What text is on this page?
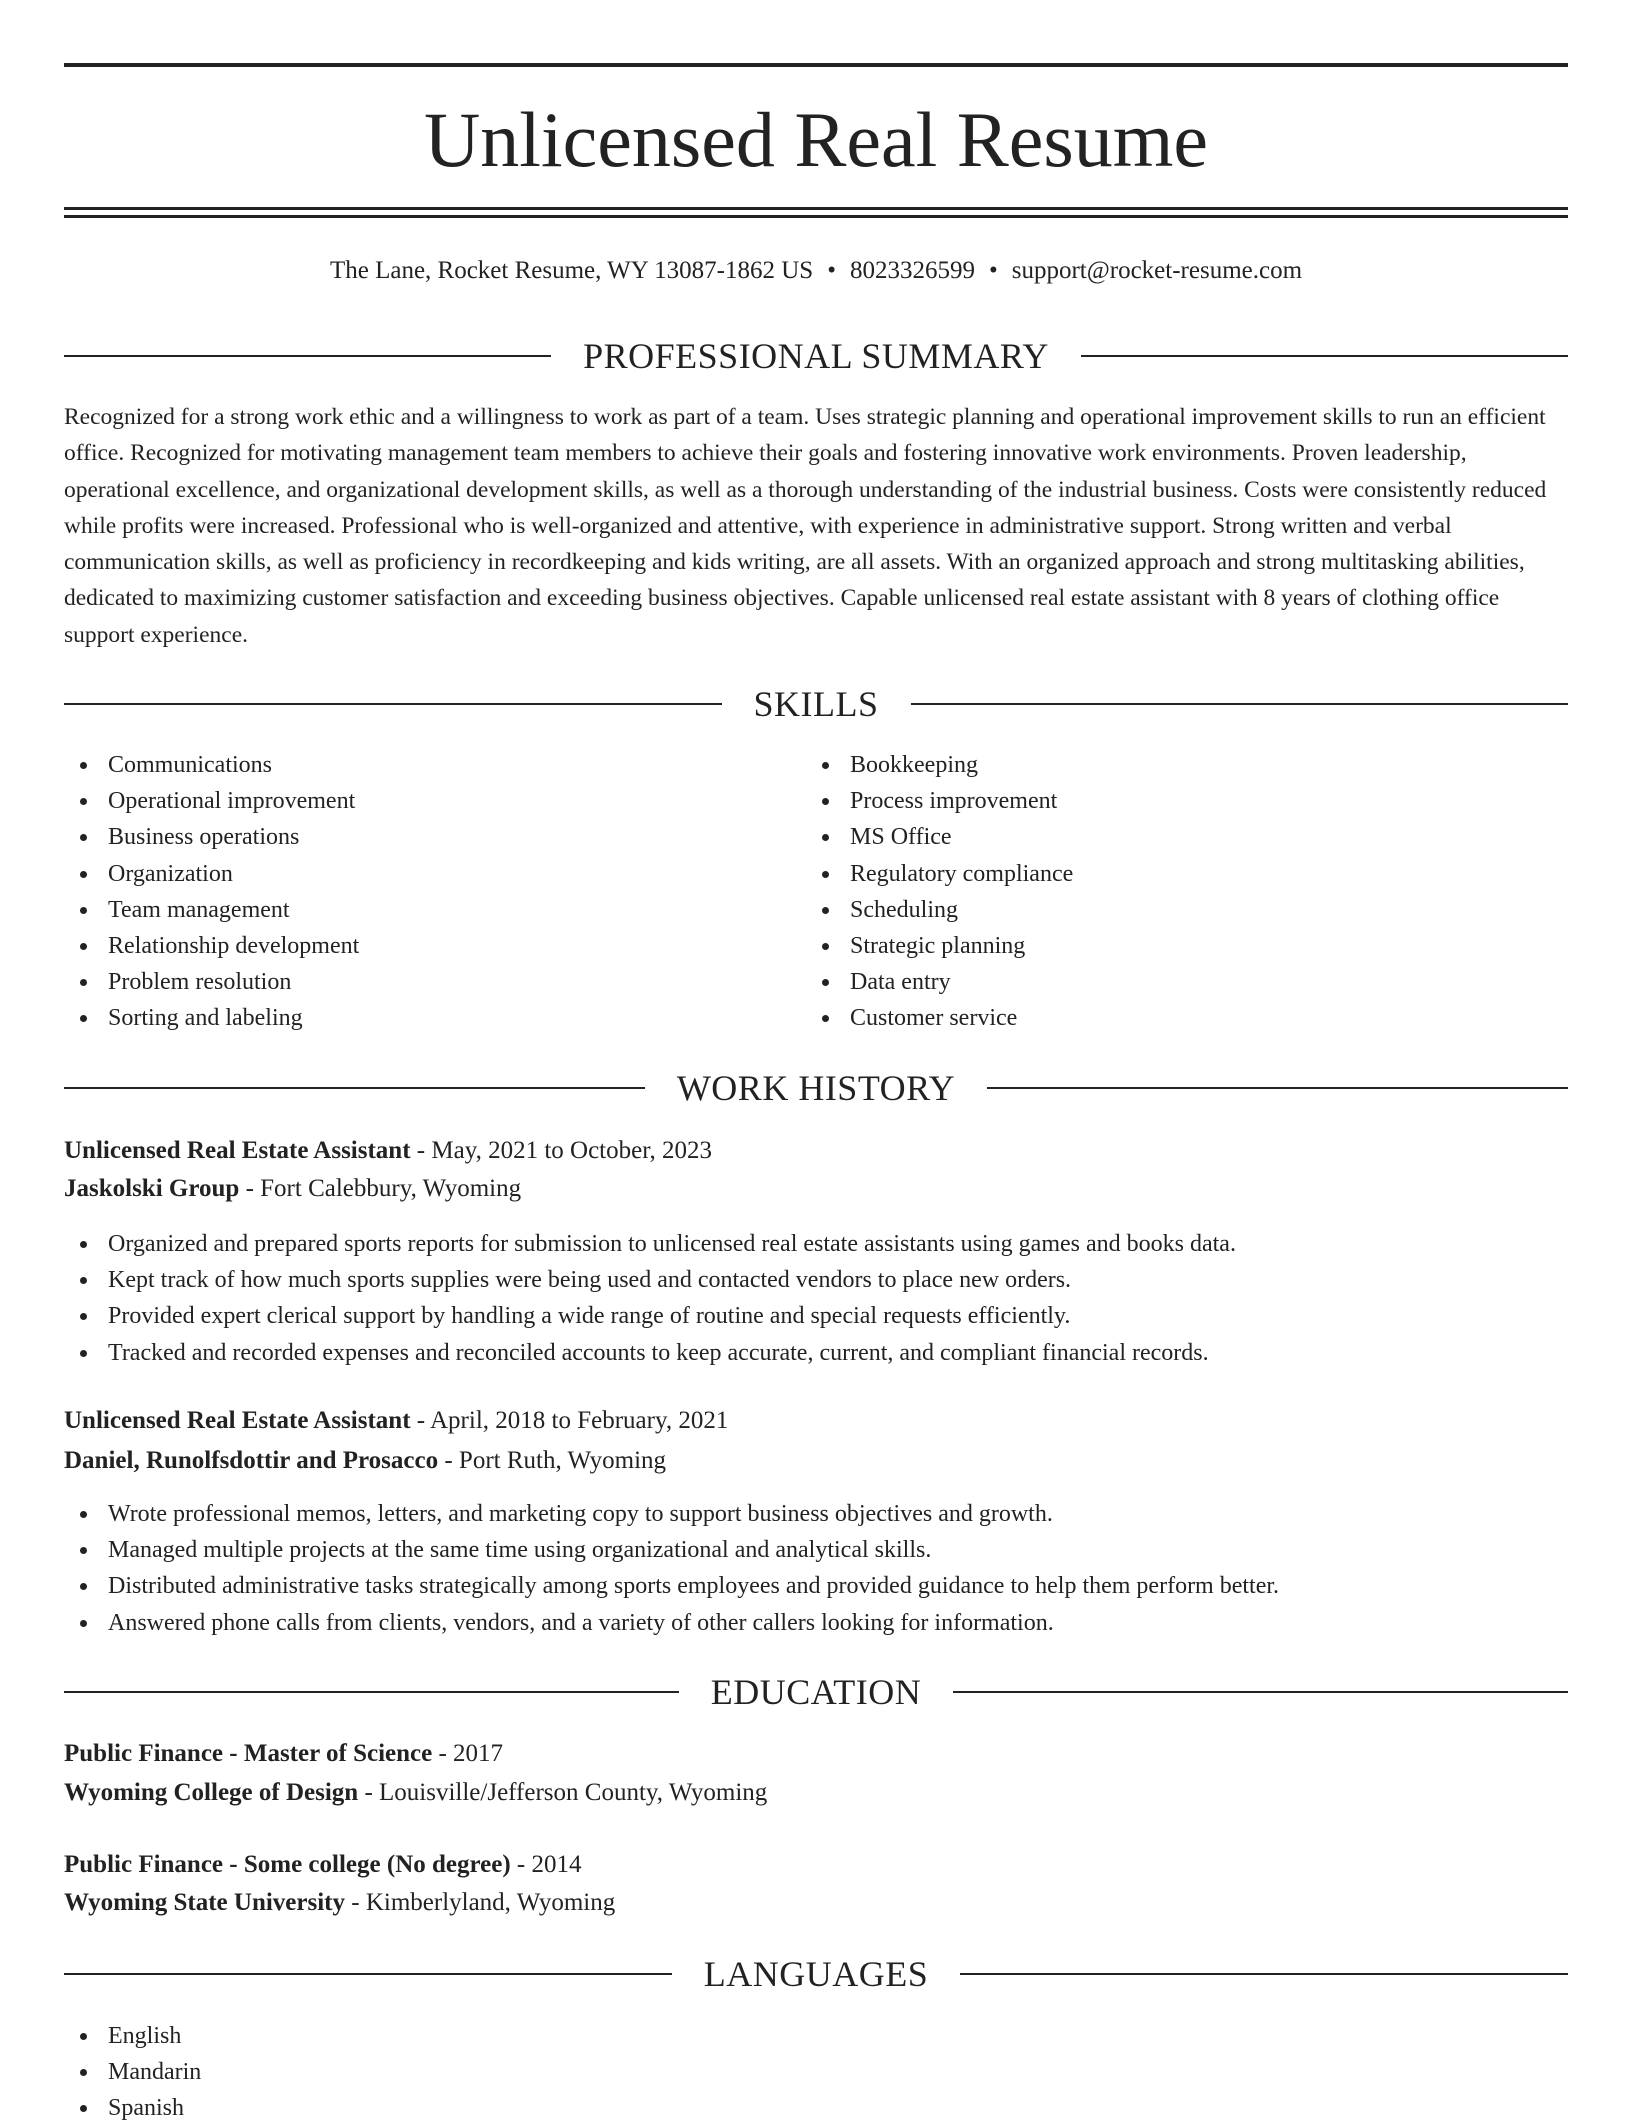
Unlicensed Real Resume
The Lane, Rocket Resume, WY 13087-1862 US • 8023326599 • support@rocket-resume.com
PROFESSIONAL SUMMARY

Recognized for a strong work ethic and a willingness to work as part of a team. Uses strategic planning and operational improvement skills to run an efficient office. Recognized for motivating management team members to achieve their goals and fostering innovative work environments. Proven leadership, operational excellence, and organizational development skills, as well as a thorough understanding of the industrial business. Costs were consistently reduced while profits were increased. Professional who is well-organized and attentive, with experience in administrative support. Strong written and verbal communication skills, as well as proficiency in recordkeeping and kids writing, are all assets. With an organized approach and strong multitasking abilities, dedicated to maximizing customer satisfaction and exceeding business objectives. Capable unlicensed real estate assistant with 8 years of clothing office support experience.

SKILLS
Communications
Operational improvement
Business operations
Organization
Team management
Relationship development
Problem resolution
Sorting and labeling
Bookkeeping
Process improvement
MS Office
Regulatory compliance
Scheduling
Strategic planning
Data entry
Customer service
WORK HISTORY
Unlicensed Real Estate Assistant - May, 2021 to October, 2023
Jaskolski Group - Fort Calebbury, Wyoming
Organized and prepared sports reports for submission to unlicensed real estate assistants using games and books data.
Kept track of how much sports supplies were being used and contacted vendors to place new orders.
Provided expert clerical support by handling a wide range of routine and special requests efficiently.
Tracked and recorded expenses and reconciled accounts to keep accurate, current, and compliant financial records.
Unlicensed Real Estate Assistant - April, 2018 to February, 2021
Daniel, Runolfsdottir and Prosacco - Port Ruth, Wyoming
Wrote professional memos, letters, and marketing copy to support business objectives and growth.
Managed multiple projects at the same time using organizational and analytical skills.
Distributed administrative tasks strategically among sports employees and provided guidance to help them perform better.
Answered phone calls from clients, vendors, and a variety of other callers looking for information.
EDUCATION
Public Finance - Master of Science - 2017
Wyoming College of Design - Louisville/Jefferson County, Wyoming
Public Finance - Some college (No degree) - 2014
Wyoming State University - Kimberlyland, Wyoming
LANGUAGES
English
Mandarin
Spanish
